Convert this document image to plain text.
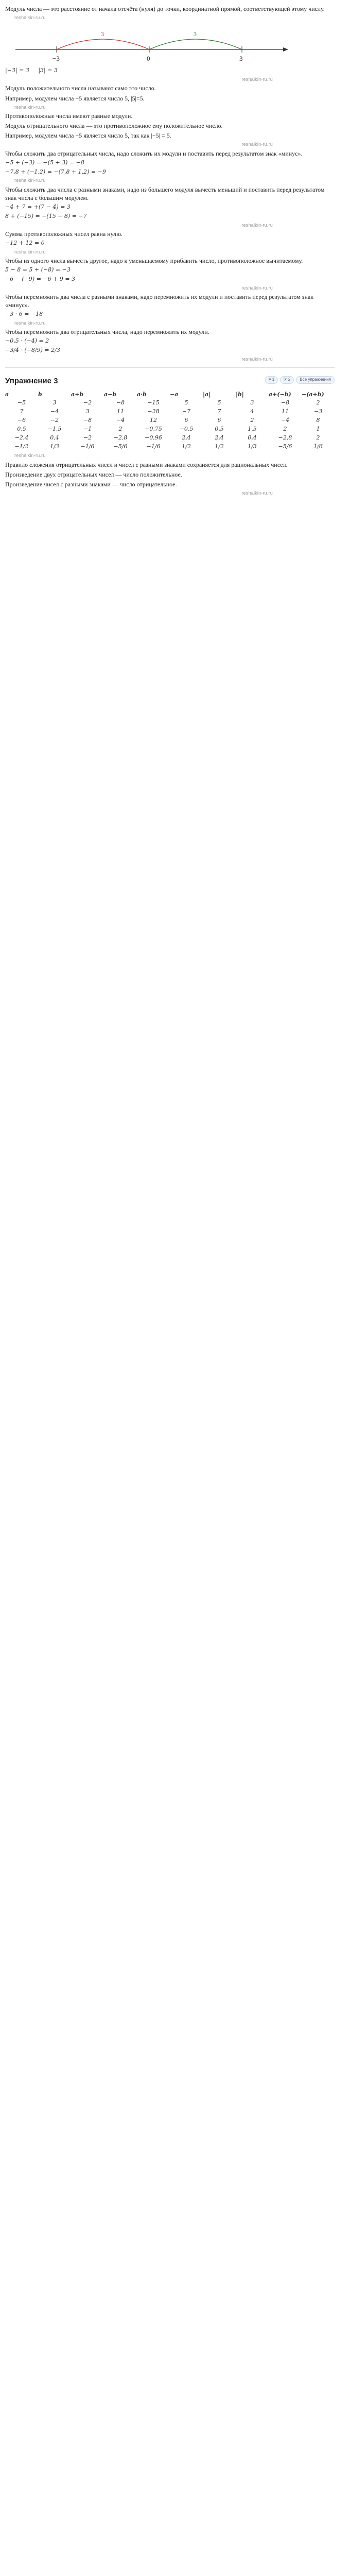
Модуль числа — это расстояние от начала отсчёта (нуля) до точки, координатной прямой, соответствующей этому числу.

reshalkin-ru.ru
−3	0	3
3	3

|−3| = 3     |3| = 3

reshalkin-ru.ru

Модуль положительного числа называют само это число.

Например, модулем числа −5 является число 5, |5|=5.

reshalkin-ru.ru

Противоположные числа имеют равные модули.

Модуль отрицательного числа — это противоположное ему положительное число.

Например, модулем числа −5 является число 5, так как |−5| = 5.

reshalkin-ru.ru

Чтобы сложить два отрицательных числа, надо сложить их модули и поставить перед результатом знак «минус».

−5 + (−3) = −(5 + 3) = −8

−7,8 + (−1,2) = −(7,8 + 1,2) = −9

reshalkin-ru.ru

Чтобы сложить два числа с разными знаками, надо из большего модуля вычесть меньший и поставить перед результатом знак числа с большим модулем.

−4 + 7 = +(7 − 4) = 3

8 + (−15) = −(15 − 8) = −7

reshalkin-ru.ru

Сумма противоположных чисел равна нулю.

−12 + 12 = 0

reshalkin-ru.ru

Чтобы из одного числа вычесть другое, надо к уменьшаемому прибавить число, противоположное вычитаемому.

5 − 8 = 5 + (−8) = −3

−6 − (−9) = −6 + 9 = 3

reshalkin-ru.ru

Чтобы перемножить два числа с разными знаками, надо перемножить их модули и поставить перед результатом знак «минус».

−3 · 6 = −18

reshalkin-ru.ru

Чтобы перемножить два отрицательных числа, надо перемножить их модули.

−0,5 · (−4) = 2

−3/4 · (−8/9) = 2/3

reshalkin-ru.ru
Упражнение 3	≡ 1	⎘ 2	Все упражнения
a	b	a+b	a−b	a·b	−a	|a|	|b|	a+(−b)	−(a+b)
−5	3	−2	−8	−15	5	5	3	−8	2
7	−4	3	11	−28	−7	7	4	11	−3
−6	−2	−8	−4	12	6	6	2	−4	8
0,5	−1,5	−1	2	−0,75	−0,5	0,5	1,5	2	1
−2,4	0,4	−2	−2,8	−0,96	2,4	2,4	0,4	−2,8	2
−1/2	1/3	−1/6	−5/6	−1/6	1/2	1/2	1/3	−5/6	1/6
reshalkin-ru.ru

Правило сложения отрицательных чисел и чисел с разными знаками сохраняется для рациональных чисел.

Произведение двух отрицательных чисел — число положительное.

Произведение чисел с разными знаками — число отрицательное.

reshalkin-ru.ru
